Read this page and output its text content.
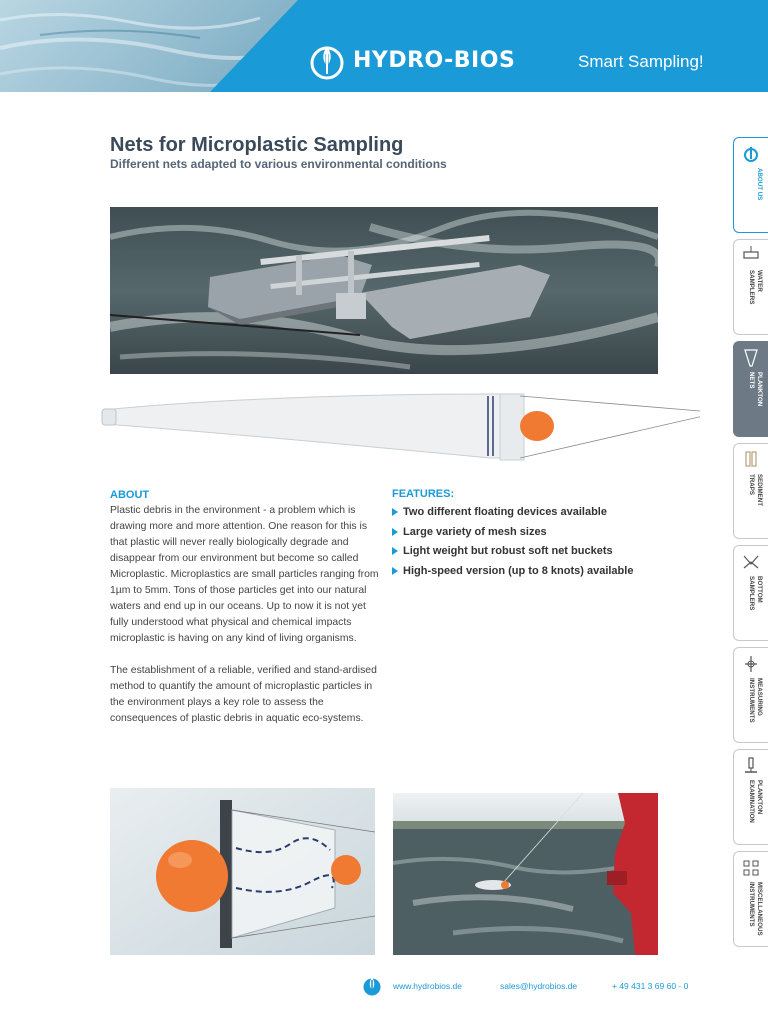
HYDRO-BIOS	Smart Sampling!
Nets for Microplastic Sampling
Different nets adapted to various environmental conditions
ABOUT

Plastic debris in the environment - a problem which is drawing more and more attention. One reason for this is that plastic will never really biologically degrade and disappear from our environment but become so called Microplastic. Microplastics are small particles ranging from 1µm to 5mm. Tons of those particles get into our natural waters and end up in our oceans. Up to now it is not yet fully understood what physical and chemical impacts microplastic is having on any kind of living organisms.

The establishment of a reliable, verified and stand-ardised method to quantify the amount of microplastic particles in the environment plays a key role to assess the consequences of plastic debris in aquatic eco-systems.

FEATURES:
Two different floating devices available
Large variety of mesh sizes
Light weight but robust soft net buckets
High-speed version (up to 8 knots) available
www.hydrobios.de	sales@hydrobios.de	+ 49 431 3 69 60 - 0
ABOUT US
WATER
SAMPLERS
PLANKTON
NETS
SEDIMENT
TRAPS
BOTTOM
SAMPLERS
MEASURING
INSTRUMENTS
PLANKTON
EXAMINATION
MISCELLANEOUS
INSTRUMENTS
